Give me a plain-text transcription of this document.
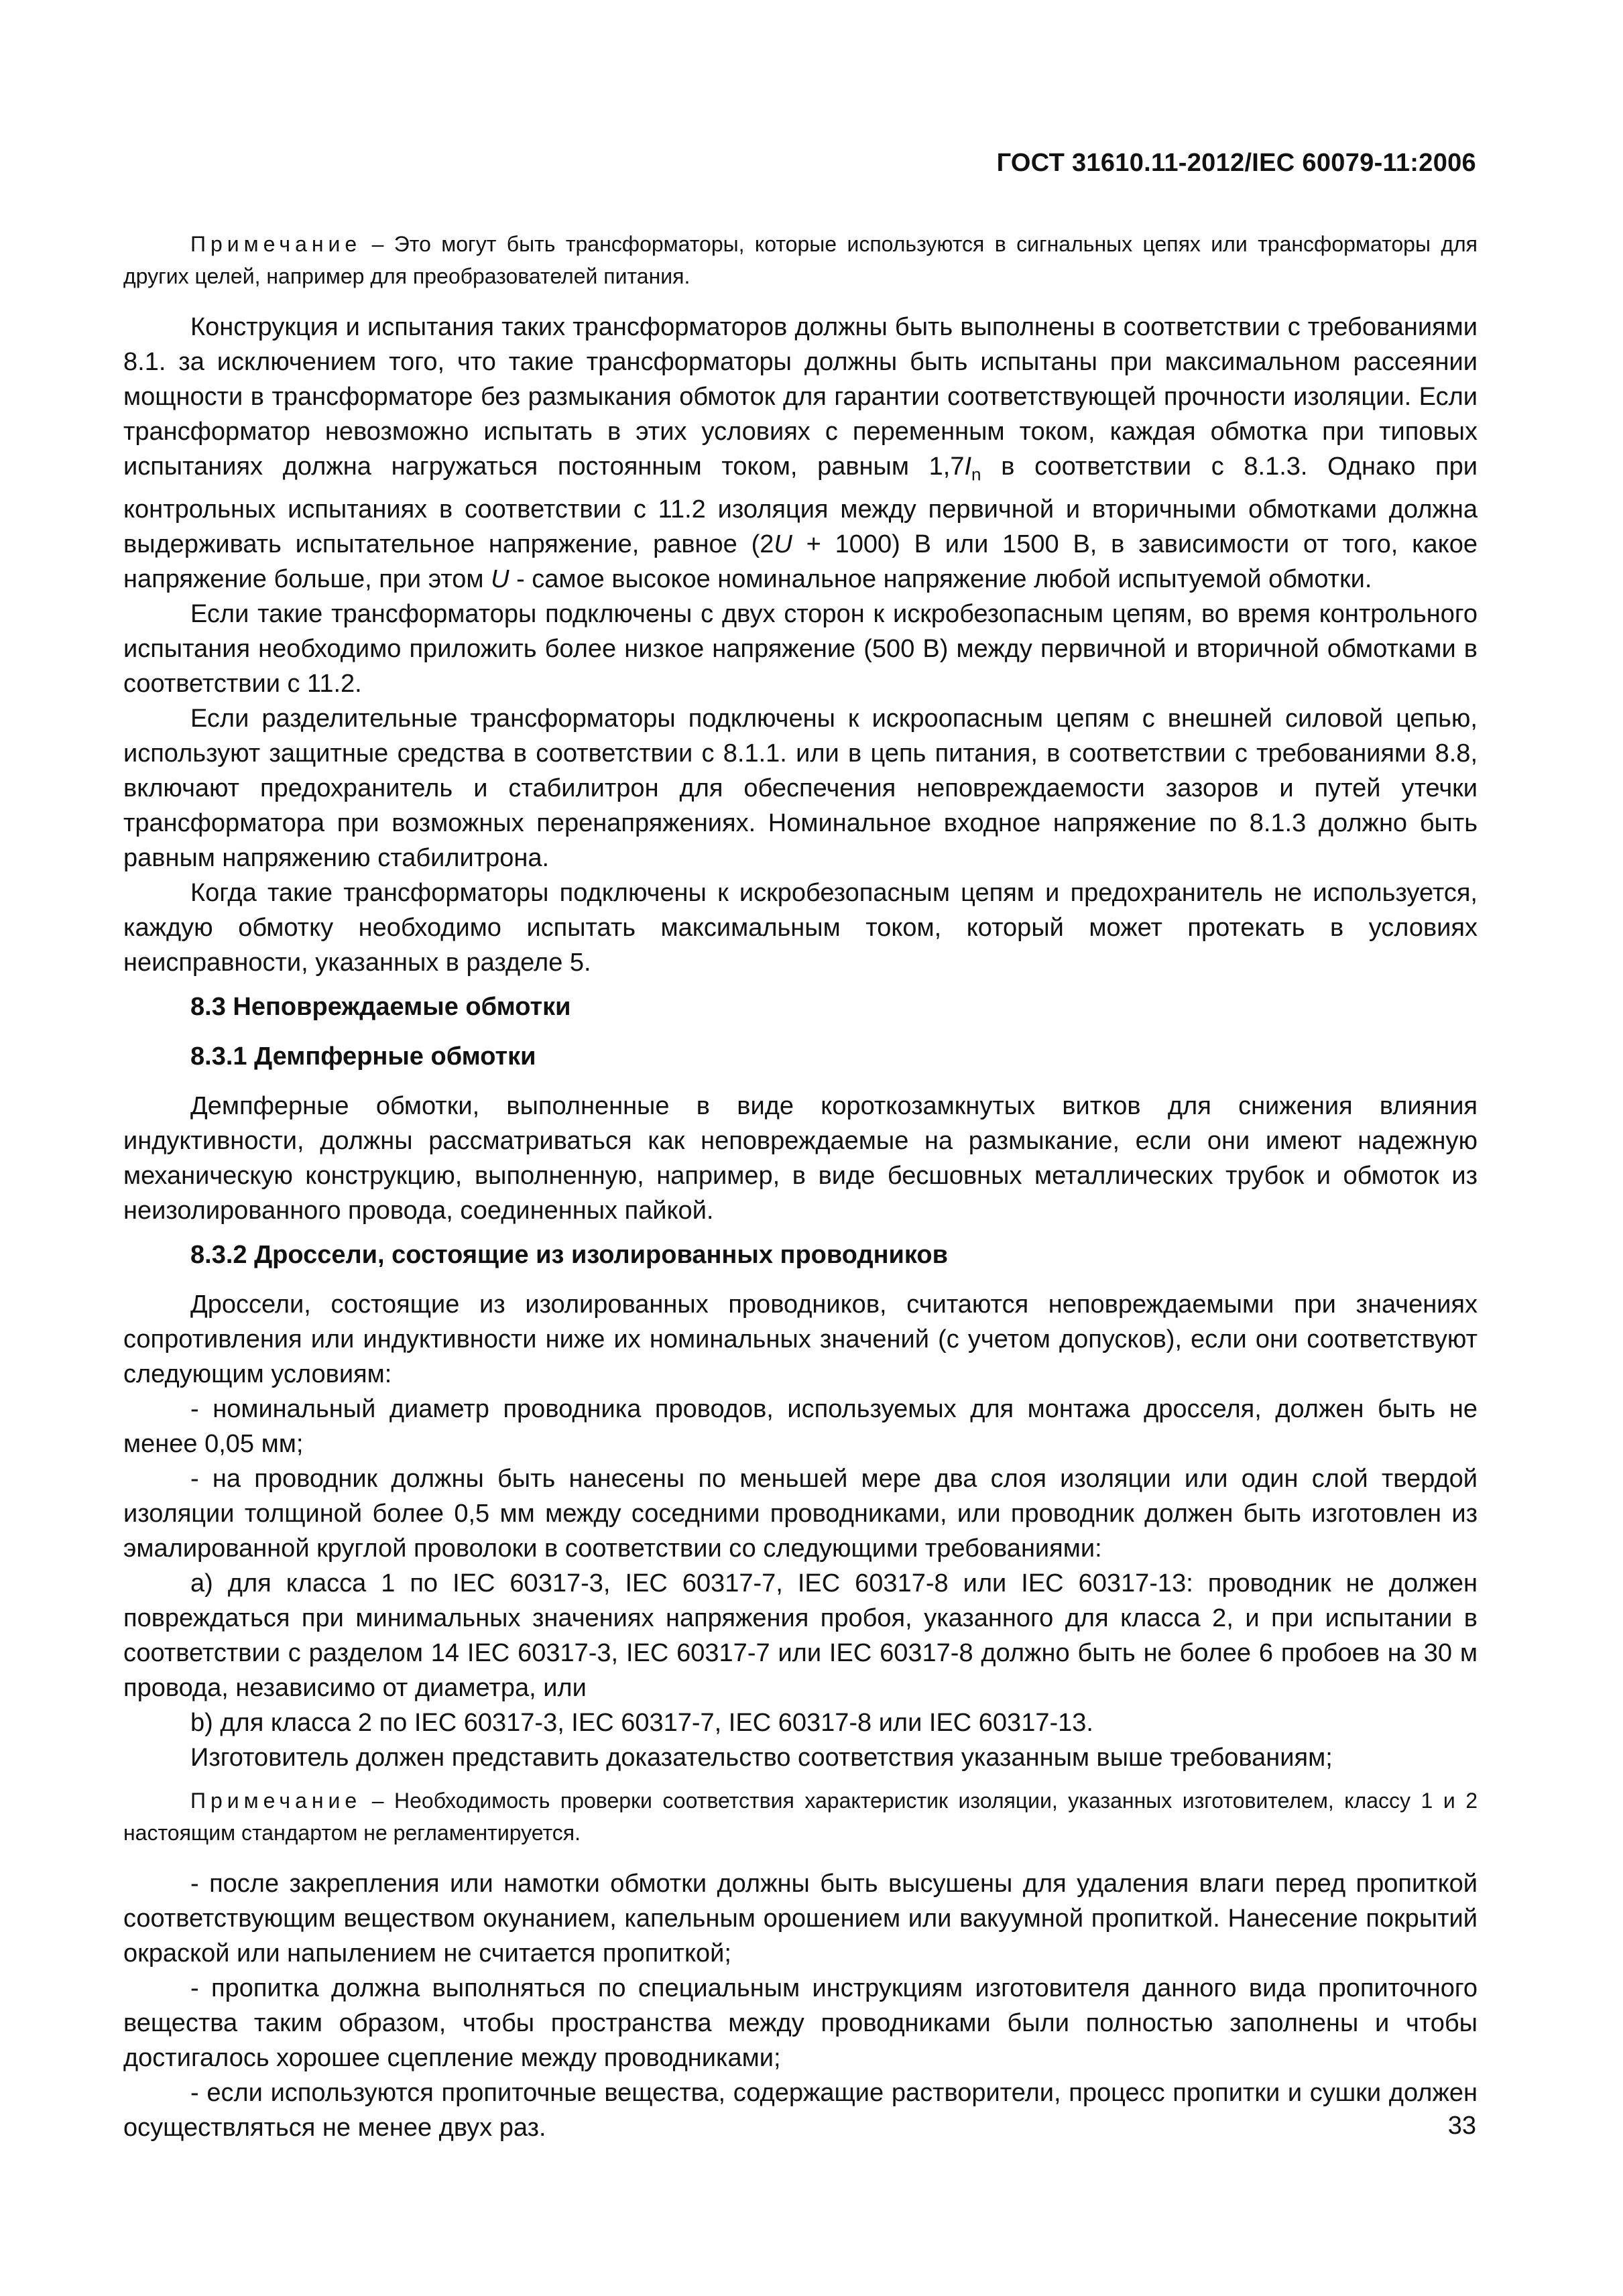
ГОСТ 31610.11-2012/IEC 60079-11:2006

Примечание – Это могут быть трансформаторы, которые используются в сигнальных цепях или трансформаторы для других целей, например для преобразователей питания.

Конструкция и испытания таких трансформаторов должны быть выполнены в соответствии с требованиями 8.1. за исключением того, что такие трансформаторы должны быть испытаны при максимальном рассеянии мощности в трансформаторе без размыкания обмоток для гарантии соответствующей прочности изоляции. Если трансформатор невозможно испытать в этих условиях с переменным током, каждая обмотка при типовых испытаниях должна нагружаться постоянным током, равным $1,7I_n$ в соответствии с 8.1.3. Однако при контрольных испытаниях в соответствии с 11.2 изоляция между первичной и вторичными обмотками должна выдерживать испытательное напряжение, равное (2U + 1000) В или 1500 В, в зависимости от того, какое напряжение больше, при этом U - самое высокое номинальное напряжение любой испытуемой обмотки.

Если такие трансформаторы подключены с двух сторон к искробезопасным цепям, во время контрольного испытания необходимо приложить более низкое напряжение (500 В) между первичной и вторичной обмотками в соответствии с 11.2.

Если разделительные трансформаторы подключены к искроопасным цепям с внешней силовой цепью, используют защитные средства в соответствии с 8.1.1. или в цепь питания, в соответствии с требованиями 8.8, включают предохранитель и стабилитрон для обеспечения неповреждаемости зазоров и путей утечки трансформатора при возможных перенапряжениях. Номинальное входное напряжение по 8.1.3 должно быть равным напряжению стабилитрона.

Когда такие трансформаторы подключены к искробезопасным цепям и предохранитель не используется, каждую обмотку необходимо испытать максимальным током, который может протекать в условиях неисправности, указанных в разделе 5.

8.3 Неповреждаемые обмотки
8.3.1 Демпферные обмотки

Демпферные обмотки, выполненные в виде короткозамкнутых витков для снижения влияния индуктивности, должны рассматриваться как неповреждаемые на размыкание, если они имеют надежную механическую конструкцию, выполненную, например, в виде бесшовных металлических трубок и обмоток из неизолированного провода, соединенных пайкой.

8.3.2 Дроссели, состоящие из изолированных проводников

Дроссели, состоящие из изолированных проводников, считаются неповреждаемыми при значениях сопротивления или индуктивности ниже их номинальных значений (с учетом допусков), если они соответствуют следующим условиям:

- номинальный диаметр проводника проводов, используемых для монтажа дросселя, должен быть не менее 0,05 мм;

- на проводник должны быть нанесены по меньшей мере два слоя изоляции или один слой твердой изоляции толщиной более 0,5 мм между соседними проводниками, или проводник должен быть изготовлен из эмалированной круглой проволоки в соответствии со следующими требованиями:

а) для класса 1 по IEC 60317-3, IEC 60317-7, IEC 60317-8 или IEC 60317-13: проводник не должен повреждаться при минимальных значениях напряжения пробоя, указанного для класса 2, и при испытании в соответствии с разделом 14 IEC 60317-3, IEC 60317-7 или IEC 60317-8 должно быть не более 6 пробоев на 30 м провода, независимо от диаметра, или

b) для класса 2 по IEC 60317-3, IEC 60317-7, IEC 60317-8 или IEC 60317-13.

Изготовитель должен представить доказательство соответствия указанным выше требованиям;

Примечание – Необходимость проверки соответствия характеристик изоляции, указанных изготовителем, классу 1 и 2 настоящим стандартом не регламентируется.

- после закрепления или намотки обмотки должны быть высушены для удаления влаги перед пропиткой соответствующим веществом окунанием, капельным орошением или вакуумной пропиткой. Нанесение покрытий окраской или напылением не считается пропиткой;

- пропитка должна выполняться по специальным инструкциям изготовителя данного вида пропиточного вещества таким образом, чтобы пространства между проводниками были полностью заполнены и чтобы достигалось хорошее сцепление между проводниками;

- если используются пропиточные вещества, содержащие растворители, процесс пропитки и сушки должен осуществляться не менее двух раз.	33
